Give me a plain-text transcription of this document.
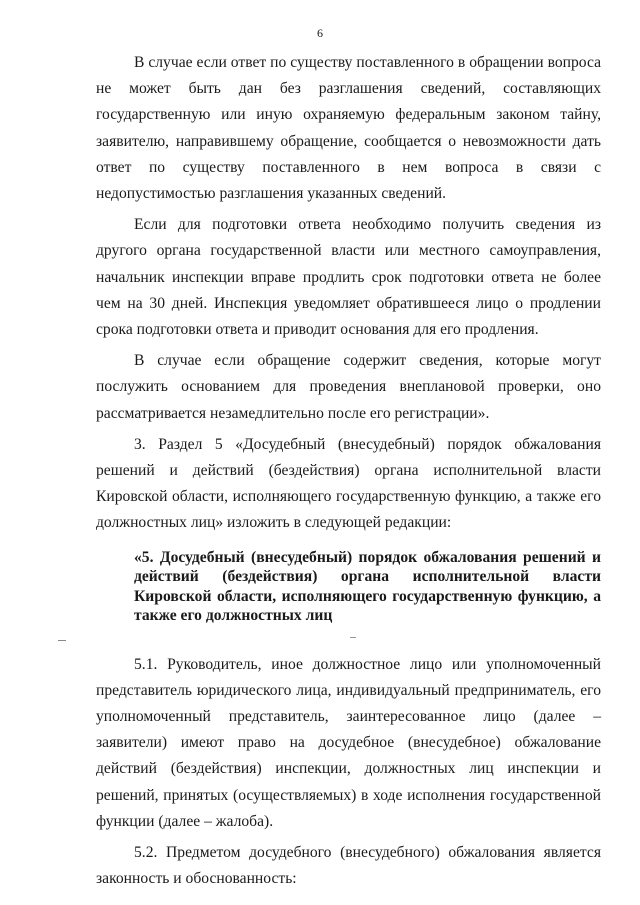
6

В случае если ответ по существу поставленного в обращении вопроса не может быть дан без разглашения сведений, составляющих государственную или иную охраняемую федеральным законом тайну, заявителю, направившему обращение, сообщается о невозможности дать ответ по существу поставленного в нем вопроса в связи с недопустимостью разглашения указанных сведений.

Если для подготовки ответа необходимо получить сведения из другого органа государственной власти или местного самоуправления, начальник инспекции вправе продлить срок подготовки ответа не более чем на 30 дней. Инспекция уведомляет обратившееся лицо о продлении срока подготовки ответа и приводит основания для его продления.

В случае если обращение содержит сведения, которые могут послужить основанием для проведения внеплановой проверки, оно рассматривается незамедлительно после его регистрации».

3. Раздел 5 «Досудебный (внесудебный) порядок обжалования решений и действий (бездействия) органа исполнительной власти Кировской области, исполняющего государственную функцию, а также его должностных лиц» изложить в следующей редакции:

«5. Досудебный (внесудебный) порядок обжалования решений и действий (бездействия) органа исполнительной власти Кировской области, исполняющего государственную функцию, а также его должностных лиц

5.1. Руководитель, иное должностное лицо или уполномоченный представитель юридического лица, индивидуальный предприниматель, его уполномоченный представитель, заинтересованное лицо (далее – заявители) имеют право на досудебное (внесудебное) обжалование действий (бездействия) инспекции, должностных лиц инспекции и решений, принятых (осуществляемых) в ходе исполнения государственной функции (далее – жалоба).

5.2. Предметом досудебного (внесудебного) обжалования является законность и обоснованность:
